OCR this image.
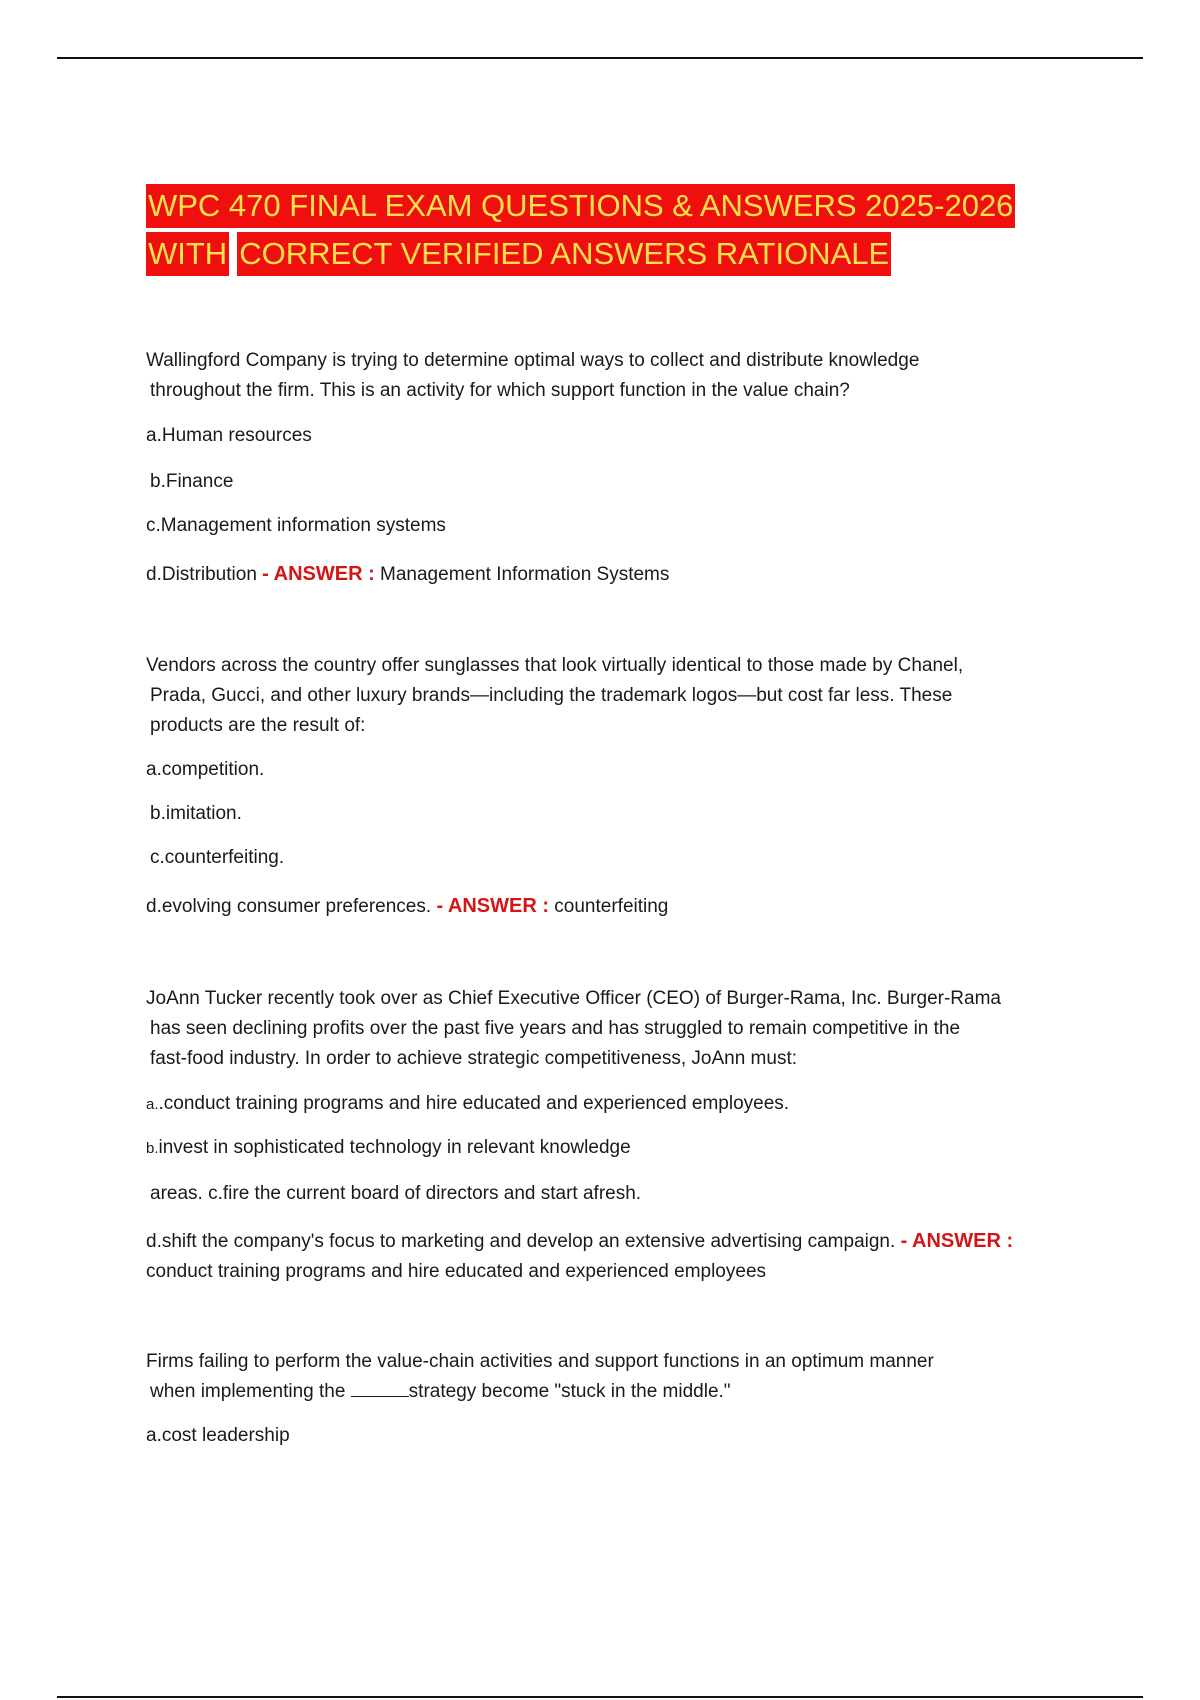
WPC 470 FINAL EXAM QUESTIONS & ANSWERS 2025-2026
WITH CORRECT VERIFIED ANSWERS RATIONALE
Wallingford Company is trying to determine optimal ways to collect and distribute knowledge
throughout the firm. This is an activity for which support function in the value chain?
a.Human resources
b.Finance
c.Management information systems
d.Distribution - ANSWER : Management Information Systems
Vendors across the country offer sunglasses that look virtually identical to those made by Chanel,
Prada, Gucci, and other luxury brands—including the trademark logos—but cost far less. These
products are the result of:
a.competition.
b.imitation.
c.counterfeiting.
d.evolving consumer preferences. - ANSWER : counterfeiting
JoAnn Tucker recently took over as Chief Executive Officer (CEO) of Burger-Rama, Inc. Burger-Rama
has seen declining profits over the past five years and has struggled to remain competitive in the
fast-food industry. In order to achieve strategic competitiveness, JoAnn must:
a..conduct training programs and hire educated and experienced employees.
b.invest in sophisticated technology in relevant knowledge
areas. c.fire the current board of directors and start afresh.
d.shift the company's focus to marketing and develop an extensive advertising campaign. - ANSWER :
conduct training programs and hire educated and experienced employees
Firms failing to perform the value-chain activities and support functions in an optimum manner
when implementing the	strategy become "stuck in the middle."
a.cost leadership
